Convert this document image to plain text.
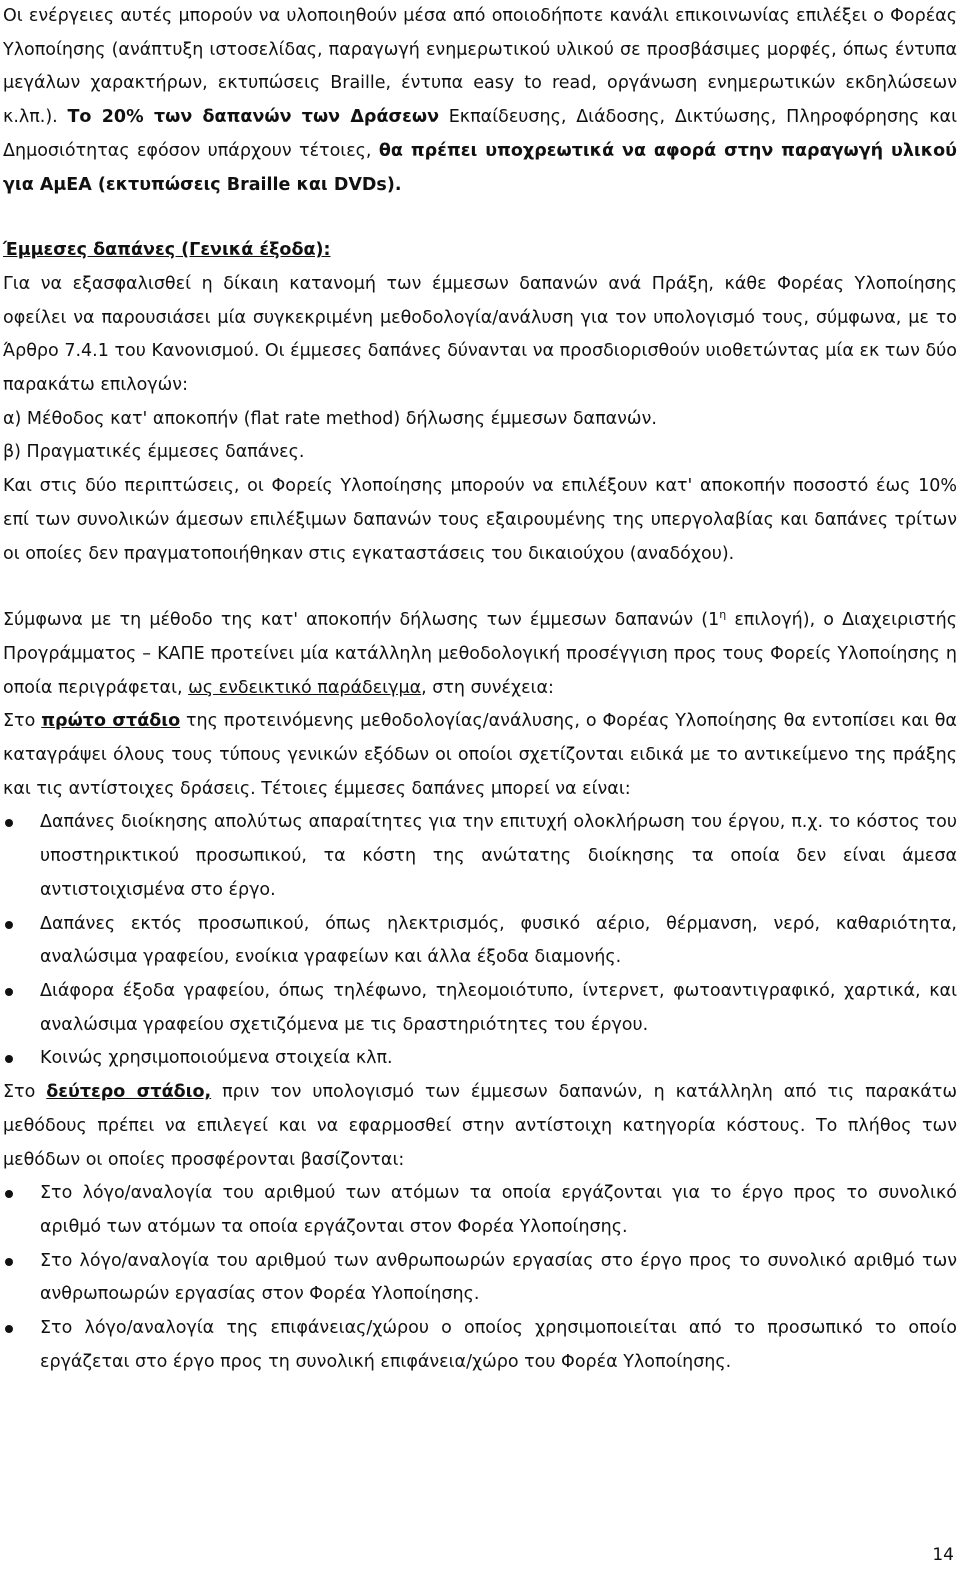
Οι ενέργειες αυτές μπορούν να υλοποιηθούν μέσα από οποιοδήποτε κανάλι επικοινωνίας επιλέξει ο Φορέας Υλοποίησης (ανάπτυξη ιστοσελίδας, παραγωγή ενημερωτικού υλικού σε προσβάσιμες μορφές, όπως έντυπα μεγάλων χαρακτήρων, εκτυπώσεις Braille, έντυπα easy to read, οργάνωση ενημερωτικών εκδηλώσεων κ.λπ.). Το 20% των δαπανών των Δράσεων Εκπαίδευσης, Διάδοσης, Δικτύωσης, Πληροφόρησης και Δημοσιότητας εφόσον υπάρχουν τέτοιες, θα πρέπει υποχρεωτικά να αφορά στην παραγωγή υλικού για ΑμΕΑ (εκτυπώσεις Braille και DVDs).

Έμμεσες δαπάνες (Γενικά έξοδα):

Για να εξασφαλισθεί η δίκαιη κατανομή των έμμεσων δαπανών ανά Πράξη, κάθε Φορέας Υλοποίησης οφείλει να παρουσιάσει μία συγκεκριμένη μεθοδολογία/ανάλυση για τον υπολογισμό τους, σύμφωνα, με το Άρθρο 7.4.1 του Κανονισμού. Οι έμμεσες δαπάνες δύνανται να προσδιορισθούν υιοθετώντας μία εκ των δύο παρακάτω επιλογών:

α) Μέθοδος κατ' αποκοπήν (flat rate method) δήλωσης έμμεσων δαπανών.

β) Πραγματικές έμμεσες δαπάνες.

Και στις δύο περιπτώσεις, οι Φορείς Υλοποίησης μπορούν να επιλέξουν κατ' αποκοπήν ποσοστό έως 10% επί των συνολικών άμεσων επιλέξιμων δαπανών τους εξαιρουμένης της υπεργολαβίας και δαπάνες τρίτων οι οποίες δεν πραγματοποιήθηκαν στις εγκαταστάσεις του δικαιούχου (αναδόχου).

Σύμφωνα με τη μέθοδο της κατ' αποκοπήν δήλωσης των έμμεσων δαπανών ($1^\eta$ επιλογή), ο Διαχειριστής Προγράμματος – ΚΑΠΕ προτείνει μία κατάλληλη μεθοδολογική προσέγγιση προς τους Φορείς Υλοποίησης η οποία περιγράφεται, ως ενδεικτικό παράδειγμα, στη συνέχεια:

Στο πρώτο στάδιο της προτεινόμενης μεθοδολογίας/ανάλυσης, ο Φορέας Υλοποίησης θα εντοπίσει και θα καταγράψει όλους τους τύπους γενικών εξόδων οι οποίοι σχετίζονται ειδικά με το αντικείμενο της πράξης και τις αντίστοιχες δράσεις. Τέτοιες έμμεσες δαπάνες μπορεί να είναι:

Δαπάνες διοίκησης απολύτως απαραίτητες για την επιτυχή ολοκλήρωση του έργου, π.χ. το κόστος του υποστηρικτικού προσωπικού, τα κόστη της ανώτατης διοίκησης τα οποία δεν είναι άμεσα αντιστοιχισμένα στο έργο.
Δαπάνες εκτός προσωπικού, όπως ηλεκτρισμός, φυσικό αέριο, θέρμανση, νερό, καθαριότητα, αναλώσιμα γραφείου, ενοίκια γραφείων και άλλα έξοδα διαμονής.
Διάφορα έξοδα γραφείου, όπως τηλέφωνο, τηλεομοιότυπο, ίντερνετ, φωτοαντιγραφικό, χαρτικά, και αναλώσιμα γραφείου σχετιζόμενα με τις δραστηριότητες του έργου.
Κοινώς χρησιμοποιούμενα στοιχεία κλπ.

Στο δεύτερο στάδιο, πριν τον υπολογισμό των έμμεσων δαπανών, η κατάλληλη από τις παρακάτω μεθόδους πρέπει να επιλεγεί και να εφαρμοσθεί στην αντίστοιχη κατηγορία κόστους. Το πλήθος των μεθόδων οι οποίες προσφέρονται βασίζονται:

Στο λόγο/αναλογία του αριθμού των ατόμων τα οποία εργάζονται για το έργο προς το συνολικό αριθμό των ατόμων τα οποία εργάζονται στον Φορέα Υλοποίησης.
Στο λόγο/αναλογία του αριθμού των ανθρωποωρών εργασίας στο έργο προς το συνολικό αριθμό των ανθρωποωρών εργασίας στον Φορέα Υλοποίησης.
Στο λόγο/αναλογία της επιφάνειας/χώρου ο οποίος χρησιμοποιείται από το προσωπικό το οποίο εργάζεται στο έργο προς τη συνολική επιφάνεια/χώρο του Φορέα Υλοποίησης.
14
